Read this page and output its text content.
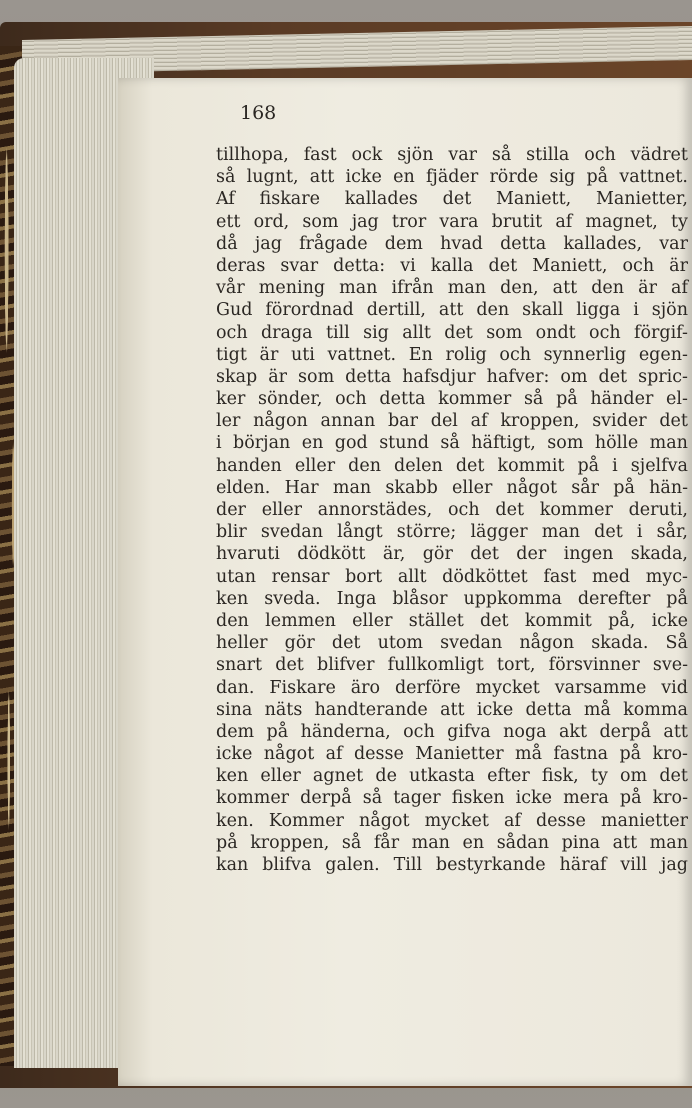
168

tillhopa, fast ock sjön var så stilla och vädret

så lugnt, att icke en fjäder rörde sig på vattnet.

Af fiskare kallades det Maniett, Manietter,

ett ord, som jag tror vara brutit af magnet, ty

då jag frågade dem hvad detta kallades, var

deras svar detta: vi kalla det Maniett, och är

vår mening man ifrån man den, att den är af

Gud förordnad dertill, att den skall ligga i sjön

och draga till sig allt det som ondt och förgif-

tigt är uti vattnet. En rolig och synnerlig egen-

skap är som detta hafsdjur hafver: om det spric-

ker sönder, och detta kommer så på händer el-

ler någon annan bar del af kroppen, svider det

i början en god stund så häftigt, som hölle man

handen eller den delen det kommit på i sjelfva

elden. Har man skabb eller något sår på hän-

der eller annorstädes, och det kommer deruti,

blir svedan långt större; lägger man det i sår,

hvaruti dödkött är, gör det der ingen skada,

utan rensar bort allt dödköttet fast med myc-

ken sveda. Inga blåsor uppkomma derefter på

den lemmen eller stället det kommit på, icke

heller gör det utom svedan någon skada. Så

snart det blifver fullkomligt tort, försvinner sve-

dan. Fiskare äro derföre mycket varsamme vid

sina näts handterande att icke detta må komma

dem på händerna, och gifva noga akt derpå att

icke något af desse Manietter må fastna på kro-

ken eller agnet de utkasta efter fisk, ty om det

kommer derpå så tager fisken icke mera på kro-

ken. Kommer något mycket af desse manietter

på kroppen, så får man en sådan pina att man

kan blifva galen. Till bestyrkande häraf vill jag
